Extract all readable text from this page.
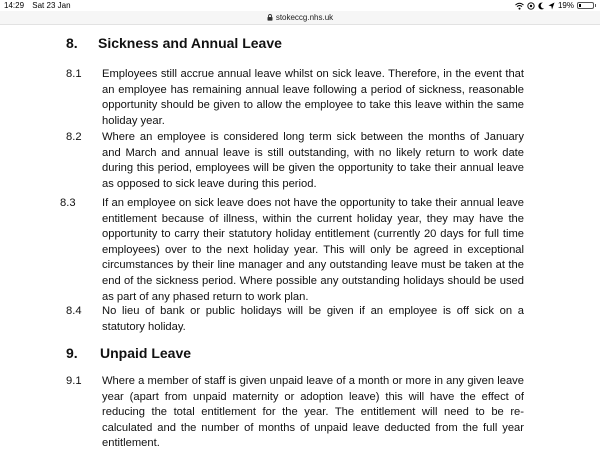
14:29 Sat 23 Jan	19%
stokeccg.nhs.uk
8. Sickness and Annual Leave
8.1 Employees still accrue annual leave whilst on sick leave. Therefore, in the event that an employee has remaining annual leave following a period of sickness, reasonable opportunity should be given to allow the employee to take this leave within the same holiday year.
8.2 Where an employee is considered long term sick between the months of January and March and annual leave is still outstanding, with no likely return to work date during this period, employees will be given the opportunity to take their annual leave as opposed to sick leave during this period.
8.3 If an employee on sick leave does not have the opportunity to take their annual leave entitlement because of illness, within the current holiday year, they may have the opportunity to carry their statutory holiday entitlement (currently 20 days for full time employees) over to the next holiday year. This will only be agreed in exceptional circumstances by their line manager and any outstanding leave must be taken at the end of the sickness period. Where possible any outstanding holidays should be used as part of any phased return to work plan.
8.4 No lieu of bank or public holidays will be given if an employee is off sick on a statutory holiday.
9. Unpaid Leave
9.1 Where a member of staff is given unpaid leave of a month or more in any given leave year (apart from unpaid maternity or adoption leave) this will have the effect of reducing the total entitlement for the year. The entitlement will need to be re-calculated and the number of months of unpaid leave deducted from the full year entitlement.
